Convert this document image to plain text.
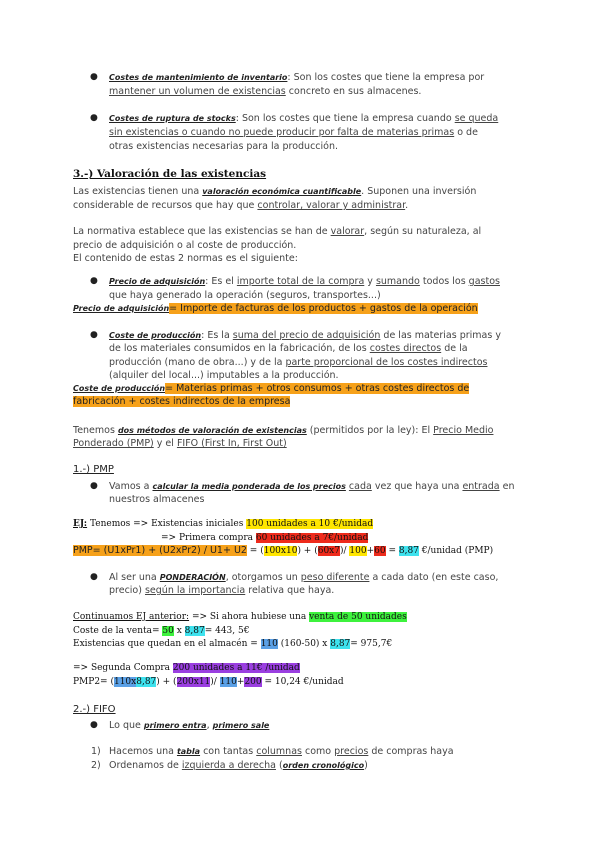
● Costes de mantenimiento de inventario: Son los costes que tiene la empresa por
mantener un volumen de existencias concreto en sus almacenes.
● Costes de ruptura de stocks: Son los costes que tiene la empresa cuando se queda
sin existencias o cuando no puede producir por falta de materias primas o de
otras existencias necesarias para la producción.
3.-) Valoración de las existencias
Las existencias tienen una valoración económica cuantificable. Suponen una inversión
considerable de recursos que hay que controlar, valorar y administrar.
La normativa establece que las existencias se han de valorar, según su naturaleza, al
precio de adquisición o al coste de producción.
El contenido de estas 2 normas es el siguiente:
● Precio de adquisición: Es el importe total de la compra y sumando todos los gastos
que haya generado la operación (seguros, transportes...)
Precio de adquisición= Importe de facturas de los productos + gastos de la operación
● Coste de producción: Es la suma del precio de adquisición de las materias primas y
de los materiales consumidos en la fabricación, de los costes directos de la
producción (mano de obra...) y de la parte proporcional de los costes indirectos
(alquiler del local...) imputables a la producción.
Coste de producción= Materias primas + otros consumos + otras costes directos de
fabricación + costes indirectos de la empresa
Tenemos dos métodos de valoración de existencias (permitidos por la ley): El Precio Medio
Ponderado (PMP) y el FIFO (First In, First Out)
1.-) PMP
● Vamos a calcular la media ponderada de los precios cada vez que haya una entrada en
nuestros almacenes
EJ: Tenemos => Existencias iniciales 100 unidades a 10 €/unidad
=> Primera compra 60 unidades a 7€/unidad
PMP= (U1xPr1) + (U2xPr2) / U1+ U2 = (100x10) + (60x7)/ 100+60 = 8,87 €/unidad (PMP)
● Al ser una PONDERACIÓN, otorgamos un peso diferente a cada dato (en este caso,
precio) según la importancia relativa que haya.
Continuamos EJ anterior: => Si ahora hubiese una venta de 50 unidades
Coste de la venta= 50 x 8,87= 443, 5€
Existencias que quedan en el almacén = 110 (160-50) x 8,87= 975,7€
=> Segunda Compra 200 unidades a 11€ /unidad
PMP2= (110x8,87) + (200x11)/ 110+200 = 10,24 €/unidad
2.-) FIFO
● Lo que primero entra, primero sale
1) Hacemos una tabla con tantas columnas como precios de compras haya
2) Ordenamos de izquierda a derecha (orden cronológico)
